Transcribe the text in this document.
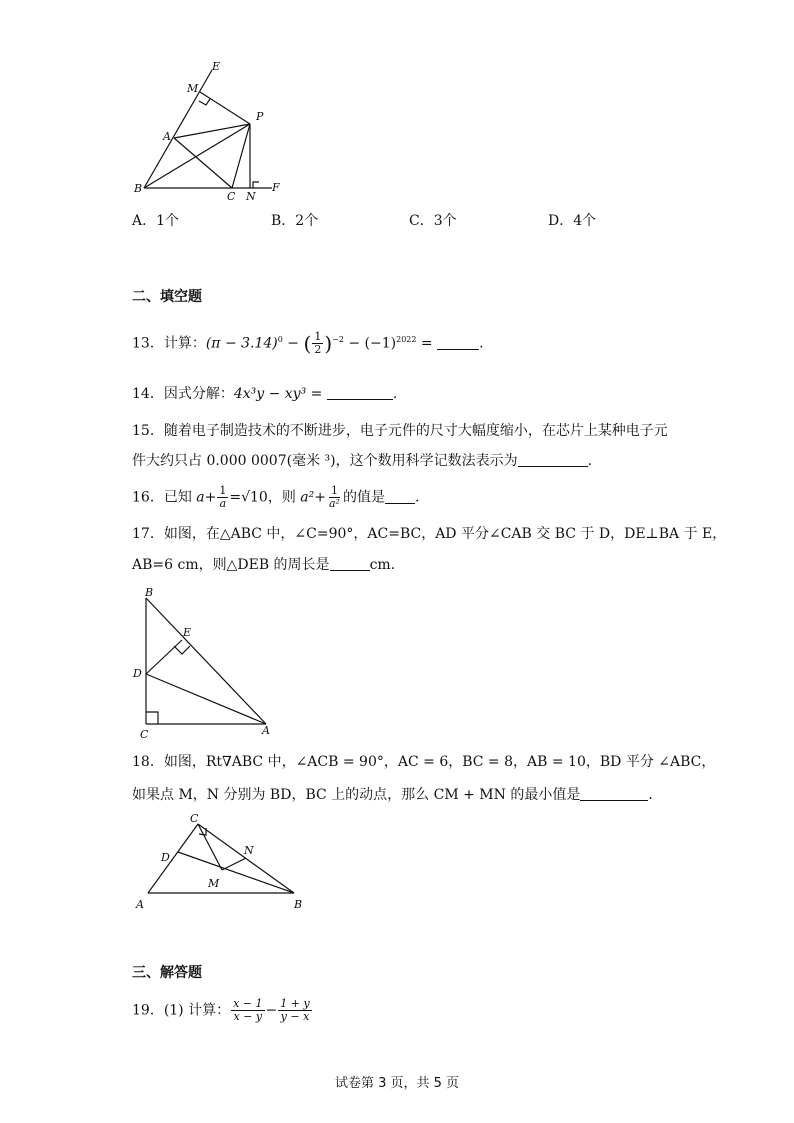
E
M
A
P
B
C N
F
A．1个	B．2个	C．3个	D．4个
二、填空题
13．计算：$(\pi - 3.14)^0$ − ( $\frac{1}{2} )^{-2} - (-1)^{2022}$ =	.
14．因式分解：4x³y − xy³ =	.
15．随着电子制造技术的不断进步，电子元件的尺寸大幅度缩小，在芯片上某种电子元
件大约只占 0.000 0007(毫米 ³)，这个数用科学记数法表示为	.
16．已知 $a+ \frac{1}{a} =√10$，则 $a^2+ \frac{1}{\text{a²}}$ 的值是 .
17．如图，在△ABC 中，∠C=90°，AC=BC，AD 平分∠CAB 交 BC 于 D，DE⊥BA 于 E，
AB=6 cm，则△DEB 的周长是	cm.
B
E
D
C	A
18．如图，Rt∇ABC 中，∠ACB = 90°，AC = 6，BC = 8，AB = 10，BD 平分 ∠ABC，
如果点 M，N 分别为 BD，BC 上的动点，那么 CM + MN 的最小值是	.
C
D
N
M
A	B
三、解答题
19．(1) 计算： $\frac{x - 1}{x - y} - \frac{1 + y}{y - x}$
试卷第 3 页，共 5 页
